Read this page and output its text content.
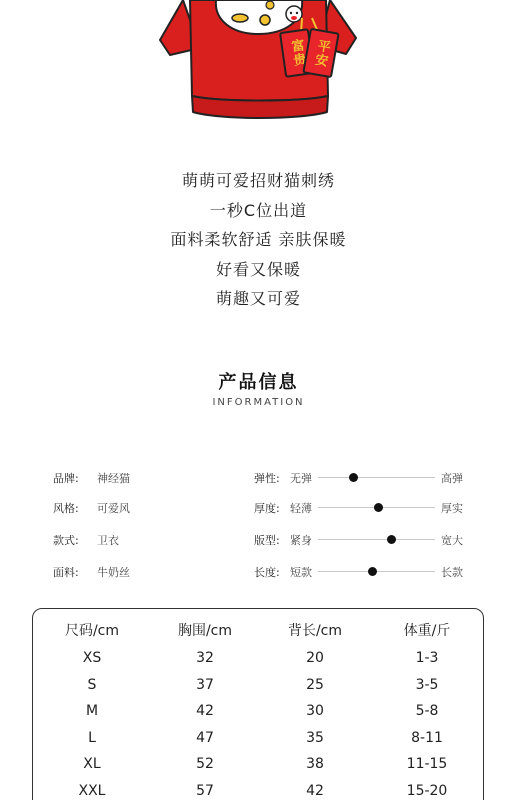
富贵 平安
萌萌可爱招财猫刺绣
一秒C位出道
面料柔软舒适 亲肤保暖
好看又保暖
萌趣又可爱
产品信息
INFORMATION
品牌: 神经猫
风格: 可爱风
款式: 卫衣
面料: 牛奶丝
弹性: 无弹	高弹
厚度: 轻薄	厚实
版型: 紧身	宽大
长度: 短款	长款
尺码/cm	胸围/cm	背长/cm	体重/斤
XS	32	20	1-3
S	37	25	3-5
M	42	30	5-8
L	47	35	8-11
XL	52	38	11-15
XXL	57	42	15-20
